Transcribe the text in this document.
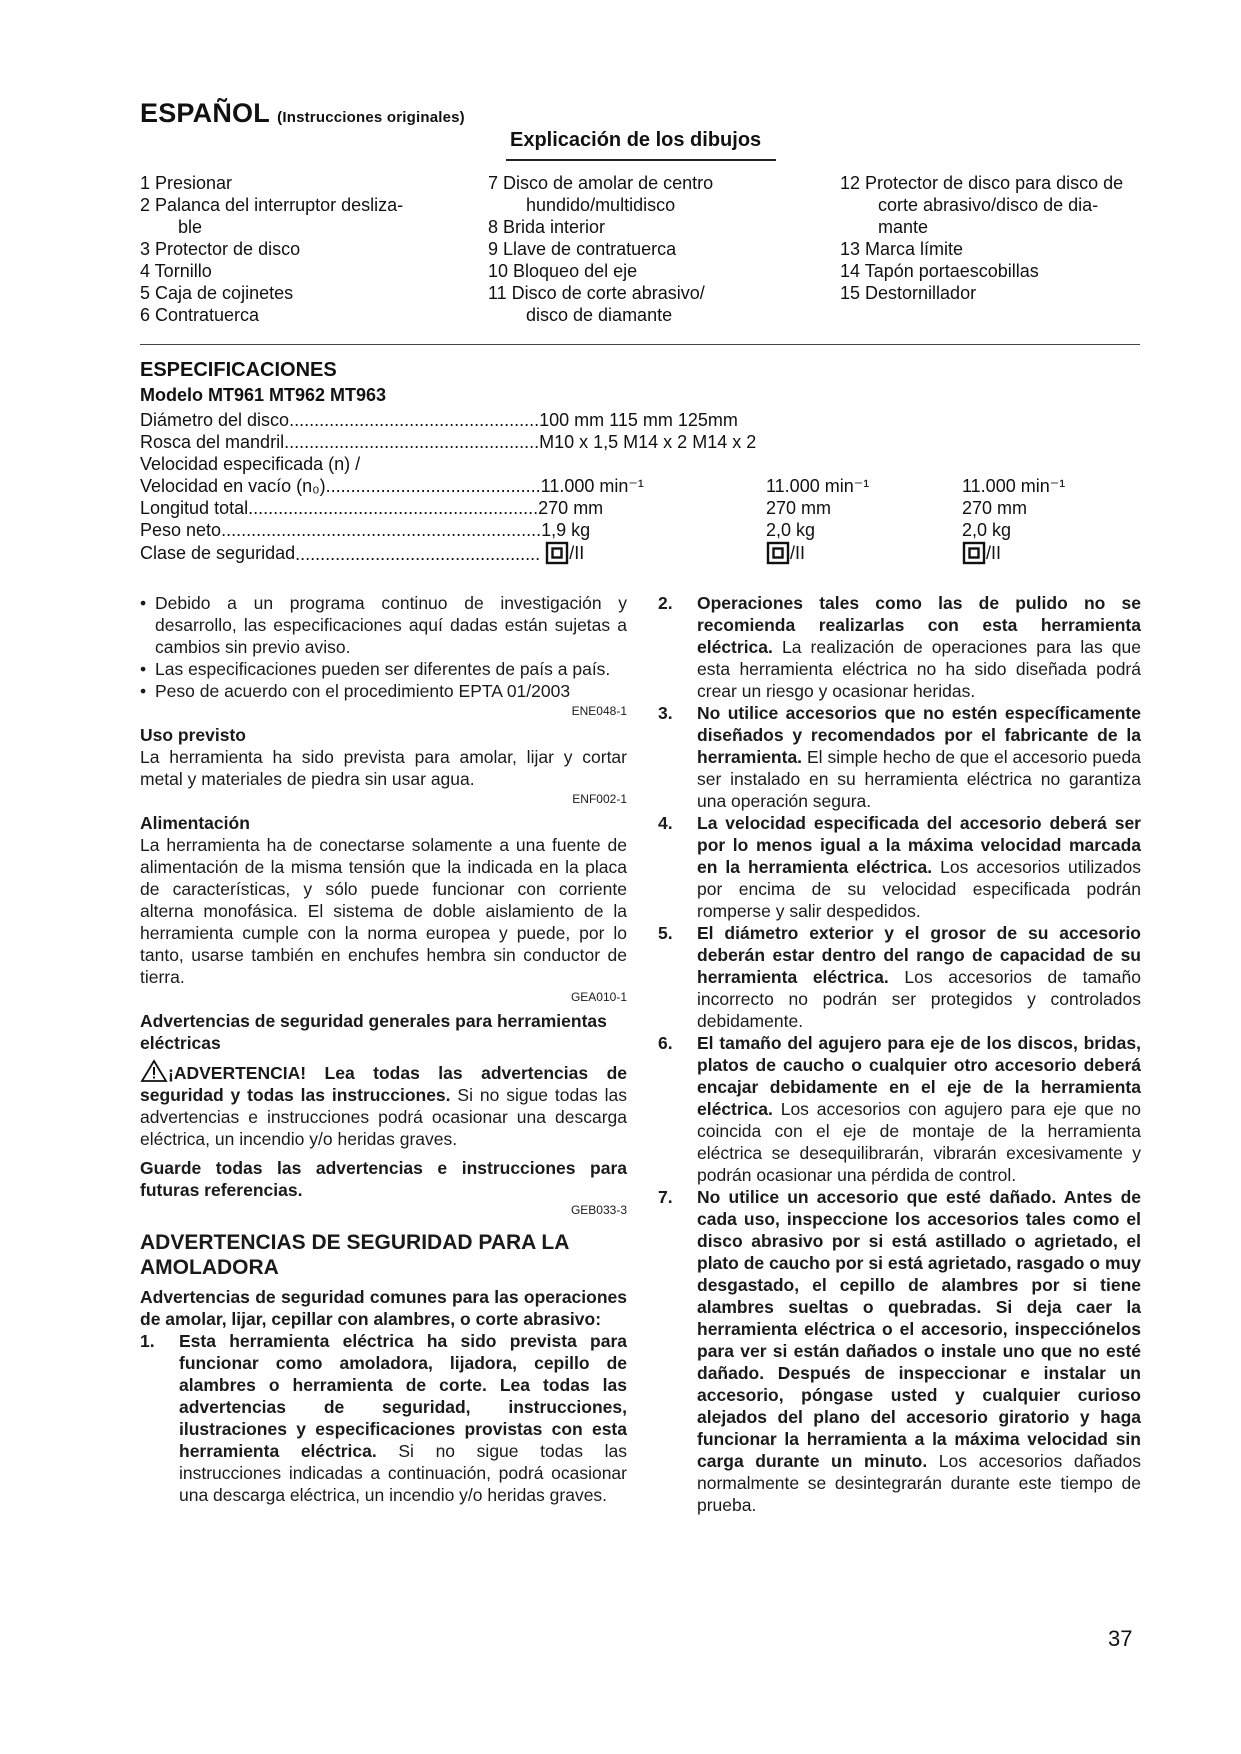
ESPAÑOL (Instrucciones originales)
Explicación de los dibujos
1 Presionar
2 Palanca del interruptor desliza-
ble
3 Protector de disco
4 Tornillo
5 Caja de cojinetes
6 Contratuerca
7 Disco de amolar de centro
hundido/multidisco
8 Brida interior
9 Llave de contratuerca
10 Bloqueo del eje
11 Disco de corte abrasivo/
disco de diamante
12 Protector de disco para disco de
corte abrasivo/disco de dia-
mante
13 Marca límite
14 Tapón portaescobillas
15 Destornillador
ESPECIFICACIONES
Modelo MT961 MT962 MT963
Diámetro del disco..................................................100 mm 115 mm 125mm
Rosca del mandril...................................................M10 x 1,5 M14 x 2 M14 x 2
Velocidad especificada (n) /
Velocidad en vacío (n₀)...........................................11.000 min⁻¹	11.000 min⁻¹	11.000 min⁻¹
Longitud total..........................................................270 mm	270 mm	270 mm
Peso neto................................................................1,9 kg	2,0 kg	2,0 kg
Clase de seguridad................................................. /II	/II	/II

• Debido a un programa continuo de investigación y desarrollo, las especificaciones aquí dadas están sujetas a cambios sin previo aviso.

• Las especificaciones pueden ser diferentes de país a país.

• Peso de acuerdo con el procedimiento EPTA 01/2003

ENE048-1

Uso previsto

La herramienta ha sido prevista para amolar, lijar y cortar metal y materiales de piedra sin usar agua.

ENF002-1

Alimentación

La herramienta ha de conectarse solamente a una fuente de alimentación de la misma tensión que la indicada en la placa de características, y sólo puede funcionar con corriente alterna monofásica. El sistema de doble aislamiento de la herramienta cumple con la norma europea y puede, por lo tanto, usarse también en enchufes hembra sin conductor de tierra.

GEA010-1

Advertencias de seguridad generales para herramientas eléctricas

¡ADVERTENCIA! Lea todas las advertencias de seguridad y todas las instrucciones. Si no sigue todas las advertencias e instrucciones podrá ocasionar una descarga eléctrica, un incendio y/o heridas graves.

Guarde todas las advertencias e instrucciones para futuras referencias.

GEB033-3

ADVERTENCIAS DE SEGURIDAD PARA LA AMOLADORA

Advertencias de seguridad comunes para las operaciones de amolar, lijar, cepillar con alambres, o corte abrasivo:

1. Esta herramienta eléctrica ha sido prevista para funcionar como amoladora, lijadora, cepillo de alambres o herramienta de corte. Lea todas las advertencias de seguridad, instrucciones, ilustraciones y especificaciones provistas con esta herramienta eléctrica. Si no sigue todas las instrucciones indicadas a continuación, podrá ocasionar una descarga eléctrica, un incendio y/o heridas graves.

2. Operaciones tales como las de pulido no se recomienda realizarlas con esta herramienta eléctrica. La realización de operaciones para las que esta herramienta eléctrica no ha sido diseñada podrá crear un riesgo y ocasionar heridas.

3. No utilice accesorios que no estén específicamente diseñados y recomendados por el fabricante de la herramienta. El simple hecho de que el accesorio pueda ser instalado en su herramienta eléctrica no garantiza una operación segura.

4. La velocidad especificada del accesorio deberá ser por lo menos igual a la máxima velocidad marcada en la herramienta eléctrica. Los accesorios utilizados por encima de su velocidad especificada podrán romperse y salir despedidos.

5. El diámetro exterior y el grosor de su accesorio deberán estar dentro del rango de capacidad de su herramienta eléctrica. Los accesorios de tamaño incorrecto no podrán ser protegidos y controlados debidamente.

6. El tamaño del agujero para eje de los discos, bridas, platos de caucho o cualquier otro accesorio deberá encajar debidamente en el eje de la herramienta eléctrica. Los accesorios con agujero para eje que no coincida con el eje de montaje de la herramienta eléctrica se desequilibrarán, vibrarán excesivamente y podrán ocasionar una pérdida de control.

7. No utilice un accesorio que esté dañado. Antes de cada uso, inspeccione los accesorios tales como el disco abrasivo por si está astillado o agrietado, el plato de caucho por si está agrietado, rasgado o muy desgastado, el cepillo de alambres por si tiene alambres sueltas o quebradas. Si deja caer la herramienta eléctrica o el accesorio, inspecciónelos para ver si están dañados o instale uno que no esté dañado. Después de inspeccionar e instalar un accesorio, póngase usted y cualquier curioso alejados del plano del accesorio giratorio y haga funcionar la herramienta a la máxima velocidad sin carga durante un minuto. Los accesorios dañados normalmente se desintegrarán durante este tiempo de prueba.

37
